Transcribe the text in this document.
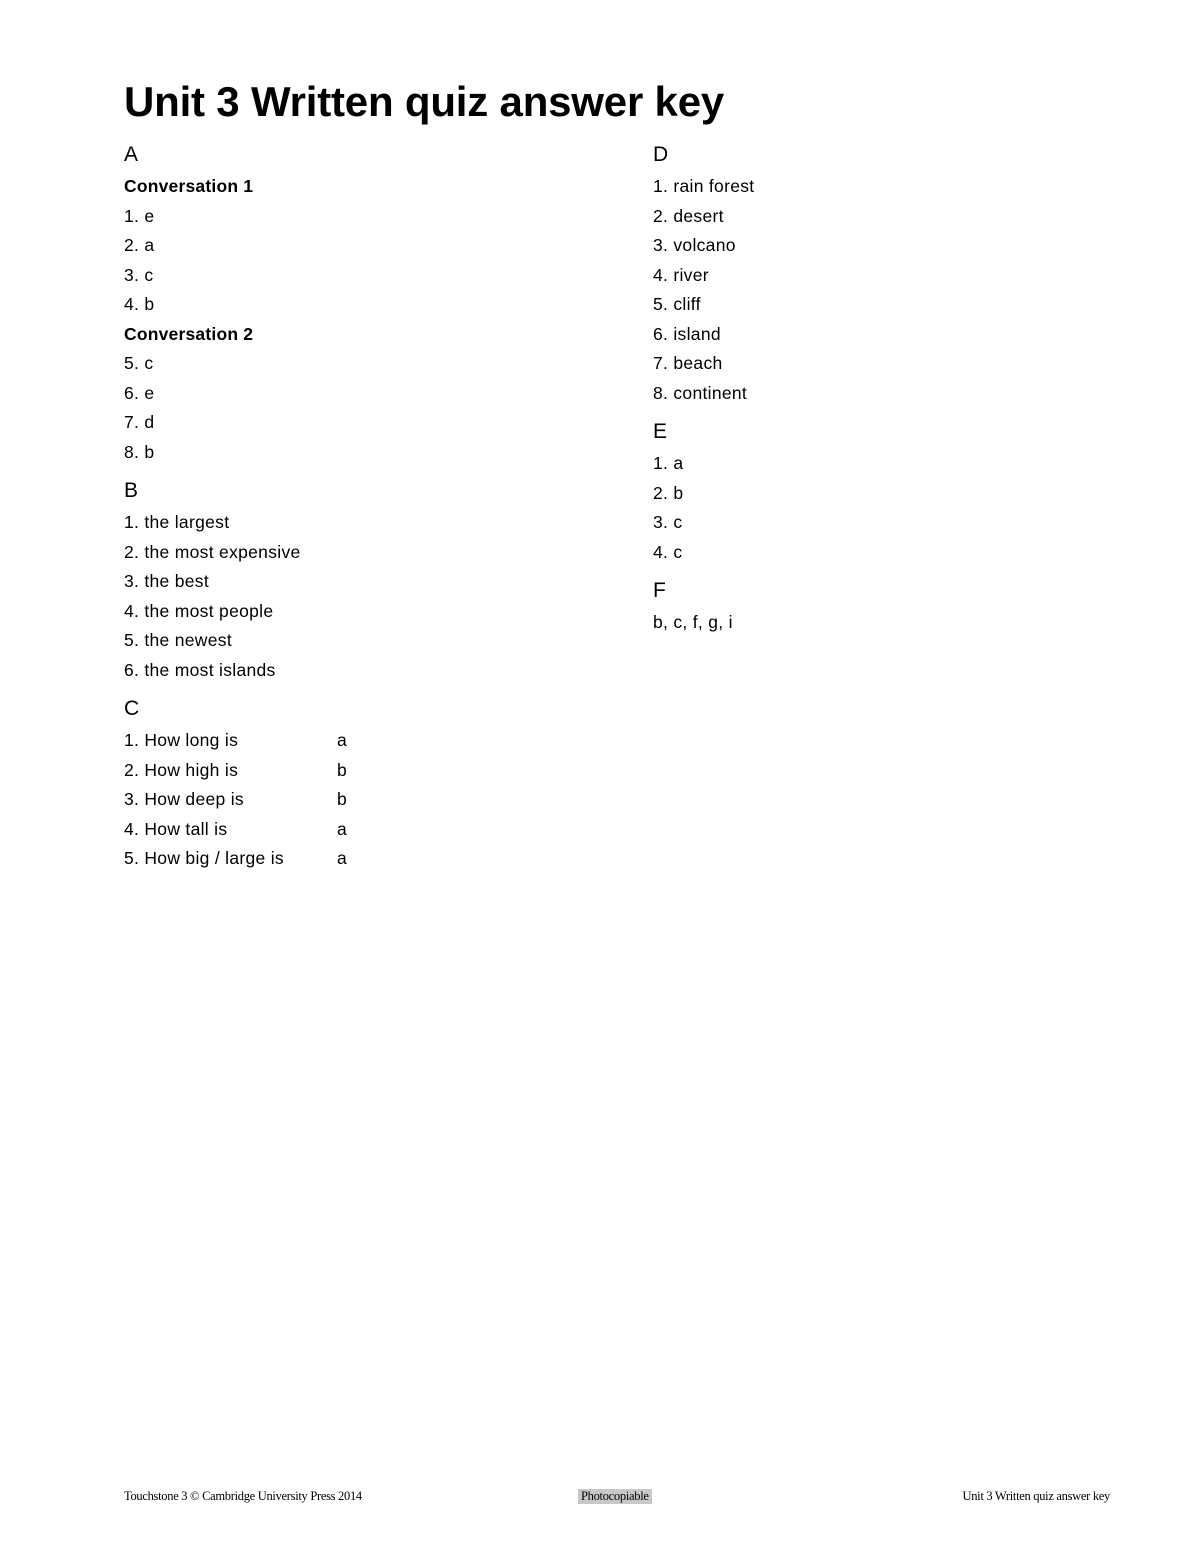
Unit 3 Written quiz answer key
A
Conversation 1
1. e
2. a
3. c
4. b
Conversation 2
5. c
6. e
7. d
8. b
B
1. the largest
2. the most expensive
3. the best
4. the most people
5. the newest
6. the most islands
C
1. How long is	a
2. How high is	b
3. How deep is	b
4. How tall is	a
5. How big / large is	a
D
1. rain forest
2. desert
3. volcano
4. river
5. cliff
6. island
7. beach
8. continent
E
1. a
2. b
3. c
4. c
F
b, c, f, g, i
Touchstone 3 © Cambridge University Press 2014	Photocopiable	Unit 3 Written quiz answer key
